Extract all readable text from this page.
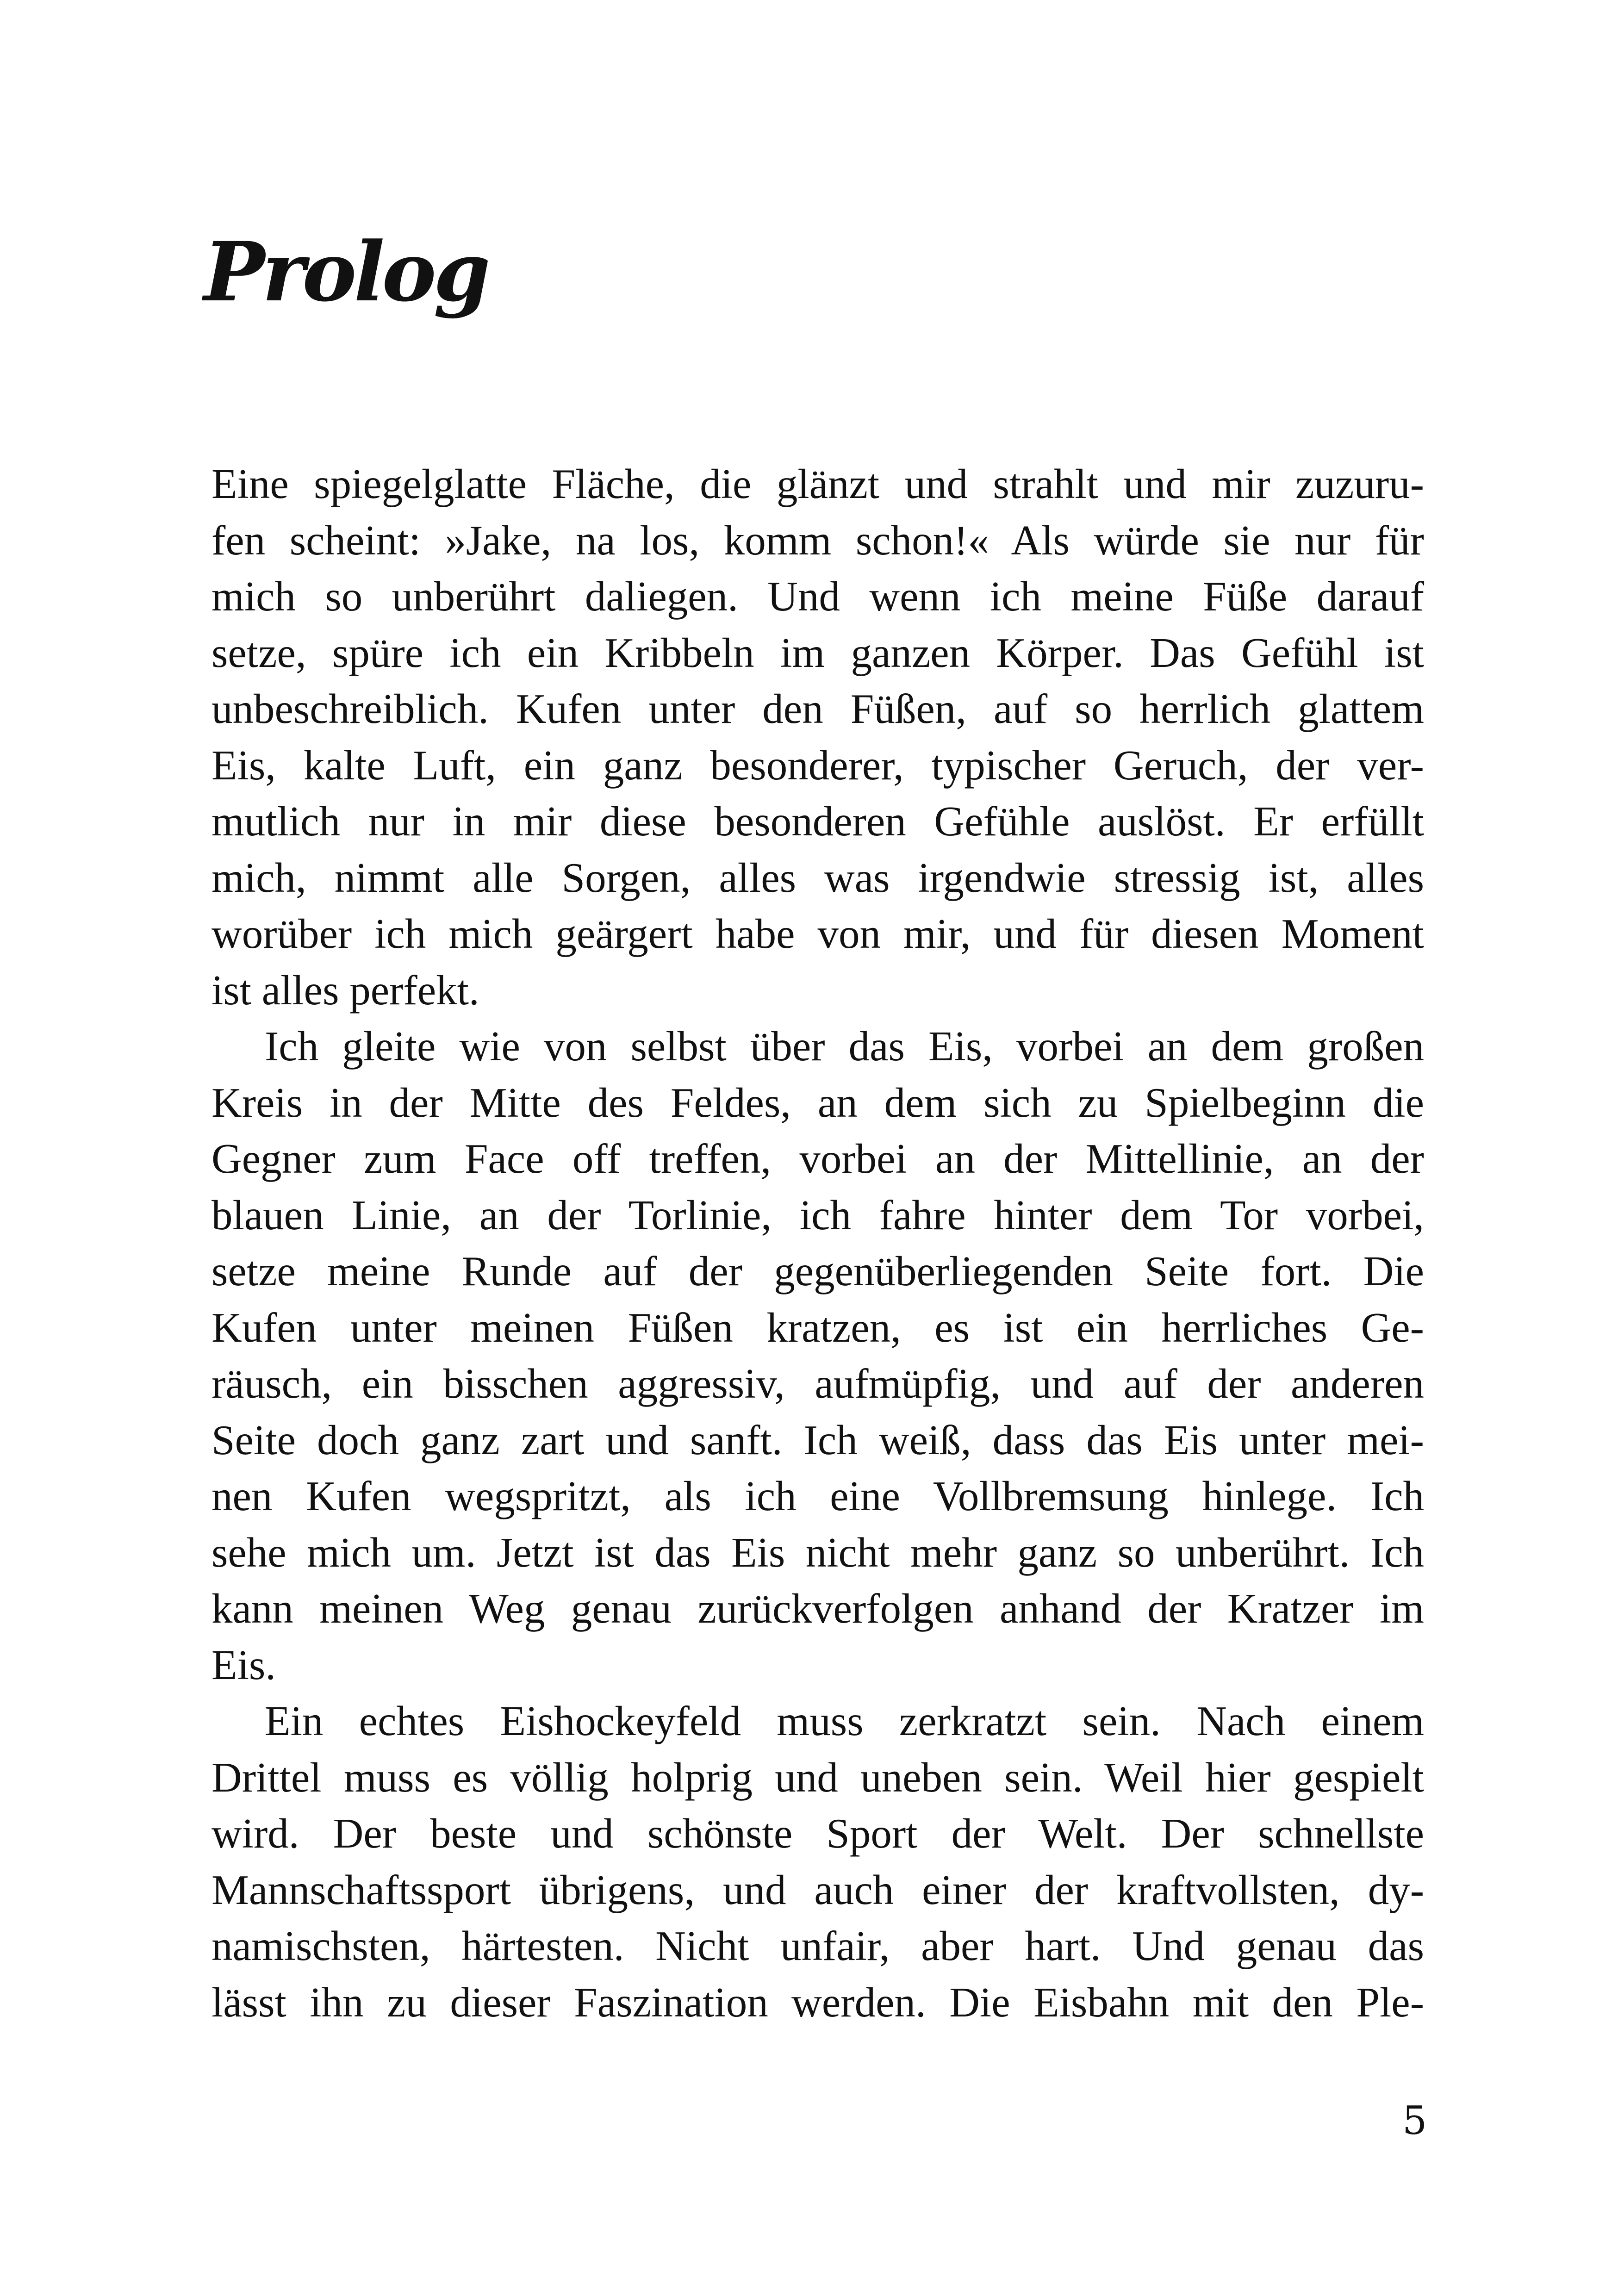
Prolog
Eine spiegelglatte Fläche, die glänzt und strahlt und mir zuzuru-
fen scheint: »Jake, na los, komm schon!« Als würde sie nur für
mich so unberührt daliegen. Und wenn ich meine Füße darauf
setze, spüre ich ein Kribbeln im ganzen Körper. Das Gefühl ist
unbeschreiblich. Kufen unter den Füßen, auf so herrlich glattem
Eis, kalte Luft, ein ganz besonderer, typischer Geruch, der ver-
mutlich nur in mir diese besonderen Gefühle auslöst. Er erfüllt
mich, nimmt alle Sorgen, alles was irgendwie stressig ist, alles
worüber ich mich geärgert habe von mir, und für diesen Moment
ist alles perfekt.
Ich gleite wie von selbst über das Eis, vorbei an dem großen
Kreis in der Mitte des Feldes, an dem sich zu Spielbeginn die
Gegner zum Face off treffen, vorbei an der Mittellinie, an der
blauen Linie, an der Torlinie, ich fahre hinter dem Tor vorbei,
setze meine Runde auf der gegenüberliegenden Seite fort. Die
Kufen unter meinen Füßen kratzen, es ist ein herrliches Ge-
räusch, ein bisschen aggressiv, aufmüpfig, und auf der anderen
Seite doch ganz zart und sanft. Ich weiß, dass das Eis unter mei-
nen Kufen wegspritzt, als ich eine Vollbremsung hinlege. Ich
sehe mich um. Jetzt ist das Eis nicht mehr ganz so unberührt. Ich
kann meinen Weg genau zurückverfolgen anhand der Kratzer im
Eis.
Ein echtes Eishockeyfeld muss zerkratzt sein. Nach einem
Drittel muss es völlig holprig und uneben sein. Weil hier gespielt
wird. Der beste und schönste Sport der Welt. Der schnellste
Mannschaftssport übrigens, und auch einer der kraftvollsten, dy-
namischsten, härtesten. Nicht unfair, aber hart. Und genau das
lässt ihn zu dieser Faszination werden. Die Eisbahn mit den Ple-
5
